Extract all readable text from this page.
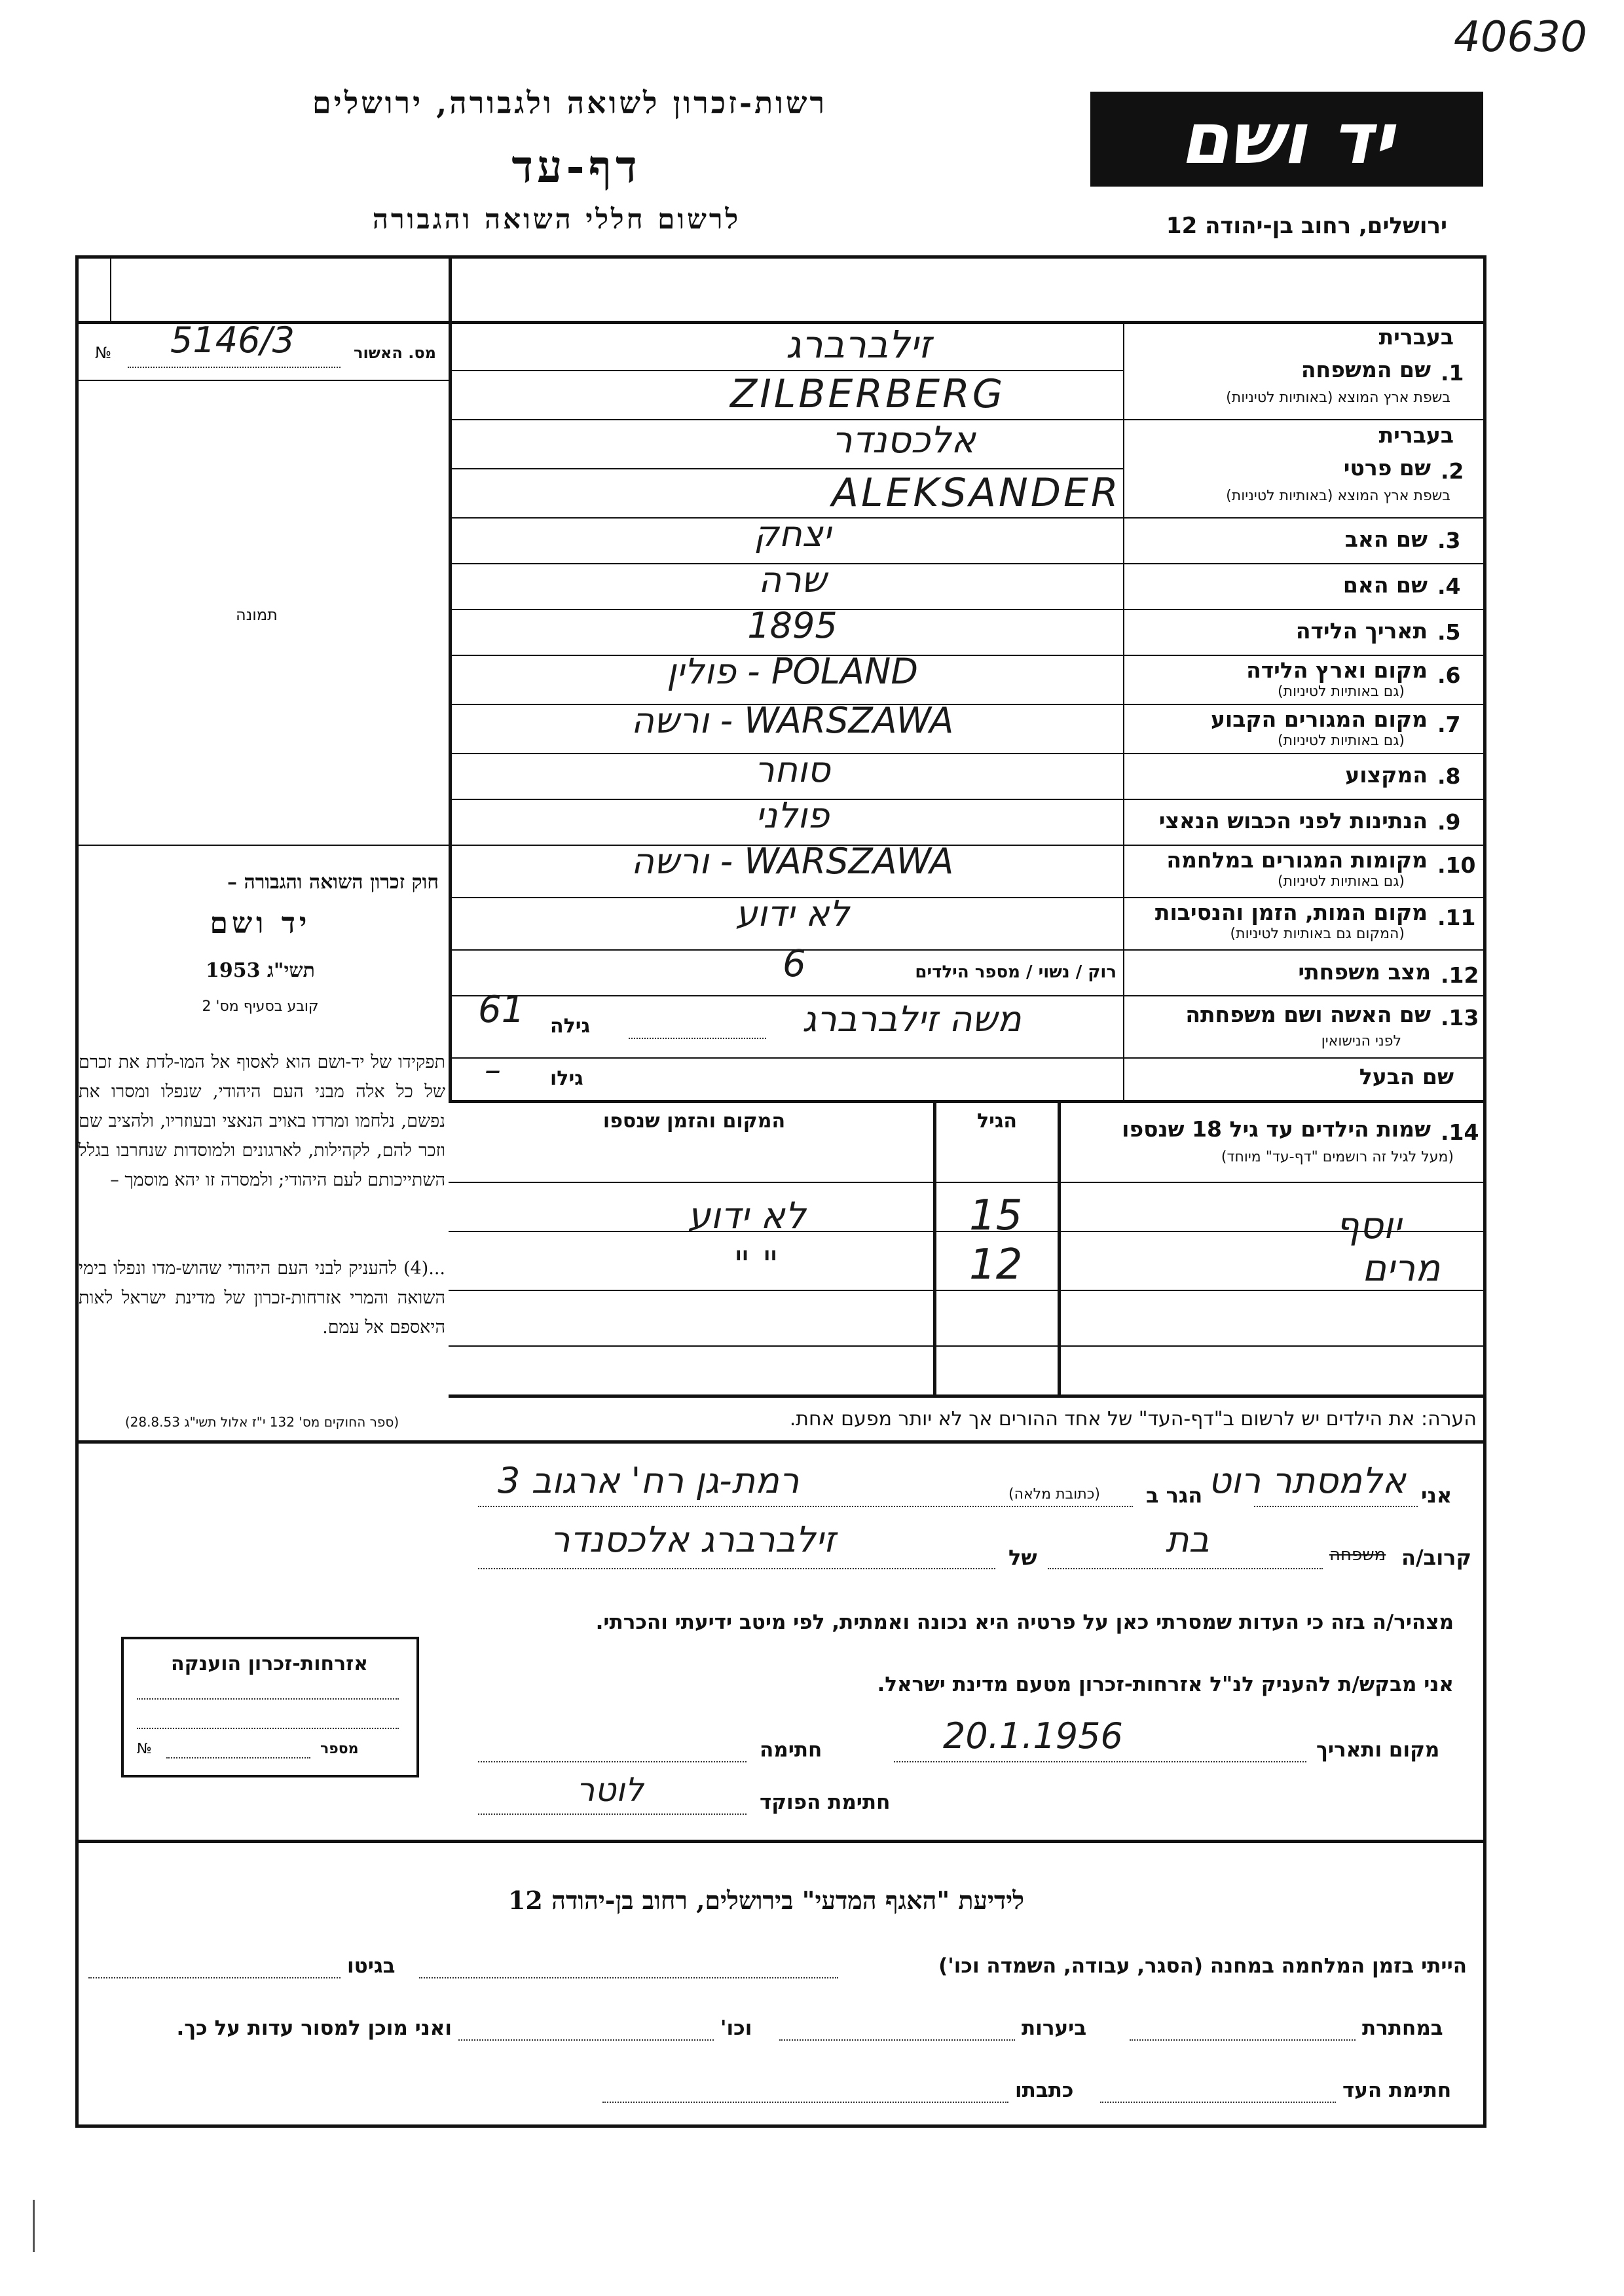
40630
יד ושם
רשות-זכרון לשואה ולגבורה, ירושלים
דף-עד
לרשום חללי השואה והגבורה	ירושלים, רחוב בן-יהודה 12
מס. האשור
№ 5146/3
תמונה
חוק זכרון השואה והגבורה –
יד ושם
תשי"ג 1953
קובע בסעיף מס' 2
תפקידו של יד-ושם הוא לאסוף אל המו-לדת את זכרם של כל אלה מבני העם היהודי, שנפלו ומסרו את נפשם, נלחמו ומרדו באויב הנאצי ובעוזריו, ולהציב שם וזכר להם, לקהילות, לארגונים ולמוסדות שנחרבו בגלל השתייכותם לעם היהודי; ולמסרה זו יהא מוסמך –
...(4) להעניק לבני העם היהודי שהוש-מדו ונפלו בימי השואה והמרי אזרחות-זכרון של מדינת ישראל לאות היאספם אל עמם.
(ספר החוקים מס' 132 י"ז אלול תשי"ג 28.8.53)
1.
בעברית
שם המשפחה
בשפת ארץ המוצא (באותיות לטיניות)
זילברברג
ZILBERBERG
2.
בעברית
שם פרטי
בשפת ארץ המוצא (באותיות לטיניות)
אלכסנדר
ALEKSANDER
3.
שם האב
יצחק
4.
שם האם
שרה
5.
תאריך הלידה
1895
6.
מקום וארץ הלידה
(גם באותיות לטיניות)
POLAND - פולין
7.
מקום המגורים הקבוע
(גם באותיות לטיניות)
WARSZAWA - ורשה
8.
המקצוע
סוחר
9.
הנתינות לפני הכבוש הנאצי
פולני
10.
מקומות המגורים במלחמה
(גם באותיות לטיניות)
WARSZAWA - ורשה
11.
מקום המות, הזמן והנסיבות
(המקום גם באותיות לטיניות)
לא ידוע
12.
מצב משפחתי
רוק / נשוי / מספר הילדים
6
13.
שם האשה ושם משפחתה
לפני הנישואין
משה זילברברג
גילה
61
שם הבעל
גילו
–
14.
שמות הילדים עד גיל 18 שנספו
(מעל לגיל זה רושמים "דף-עד" מיוחד)
הגיל
המקום והזמן שנספו
יוסף
15
לא ידוע
מרים
12
" "
הערה: את הילדים יש לרשום ב"דף-העד" של אחד ההורים אך לא יותר מפעם אחת.
אני
אלמסתר רוט
הגר ב
(כתובת מלאה)
רמת-גן רח' ארגוב 3
קרוב/ה
משפחה
בת
של
זילברברג אלכסנדר
מצהיר/ה בזה כי העדות שמסרתי כאן על פרטיה היא נכונה ואמתית, לפי מיטב ידיעתי והכרתי.
אני מבקש/ת להעניק לנ"ל אזרחות-זכרון מטעם מדינת ישראל.
מקום ותאריך
20.1.1956
חתימה
חתימת הפוקד
לוטר
אזרחות-זכרון הוענקה
מספר
№
לידיעת "האגף המדעי" בירושלים, רחוב בן-יהודה 12
הייתי בזמן המלחמה במחנה (הסגר, עבודה, השמדה וכו')
בגיטו
במחתרת
ביערות
וכו'
ואני מוכן למסור עדות על כך.
חתימת העד
כתבתו
